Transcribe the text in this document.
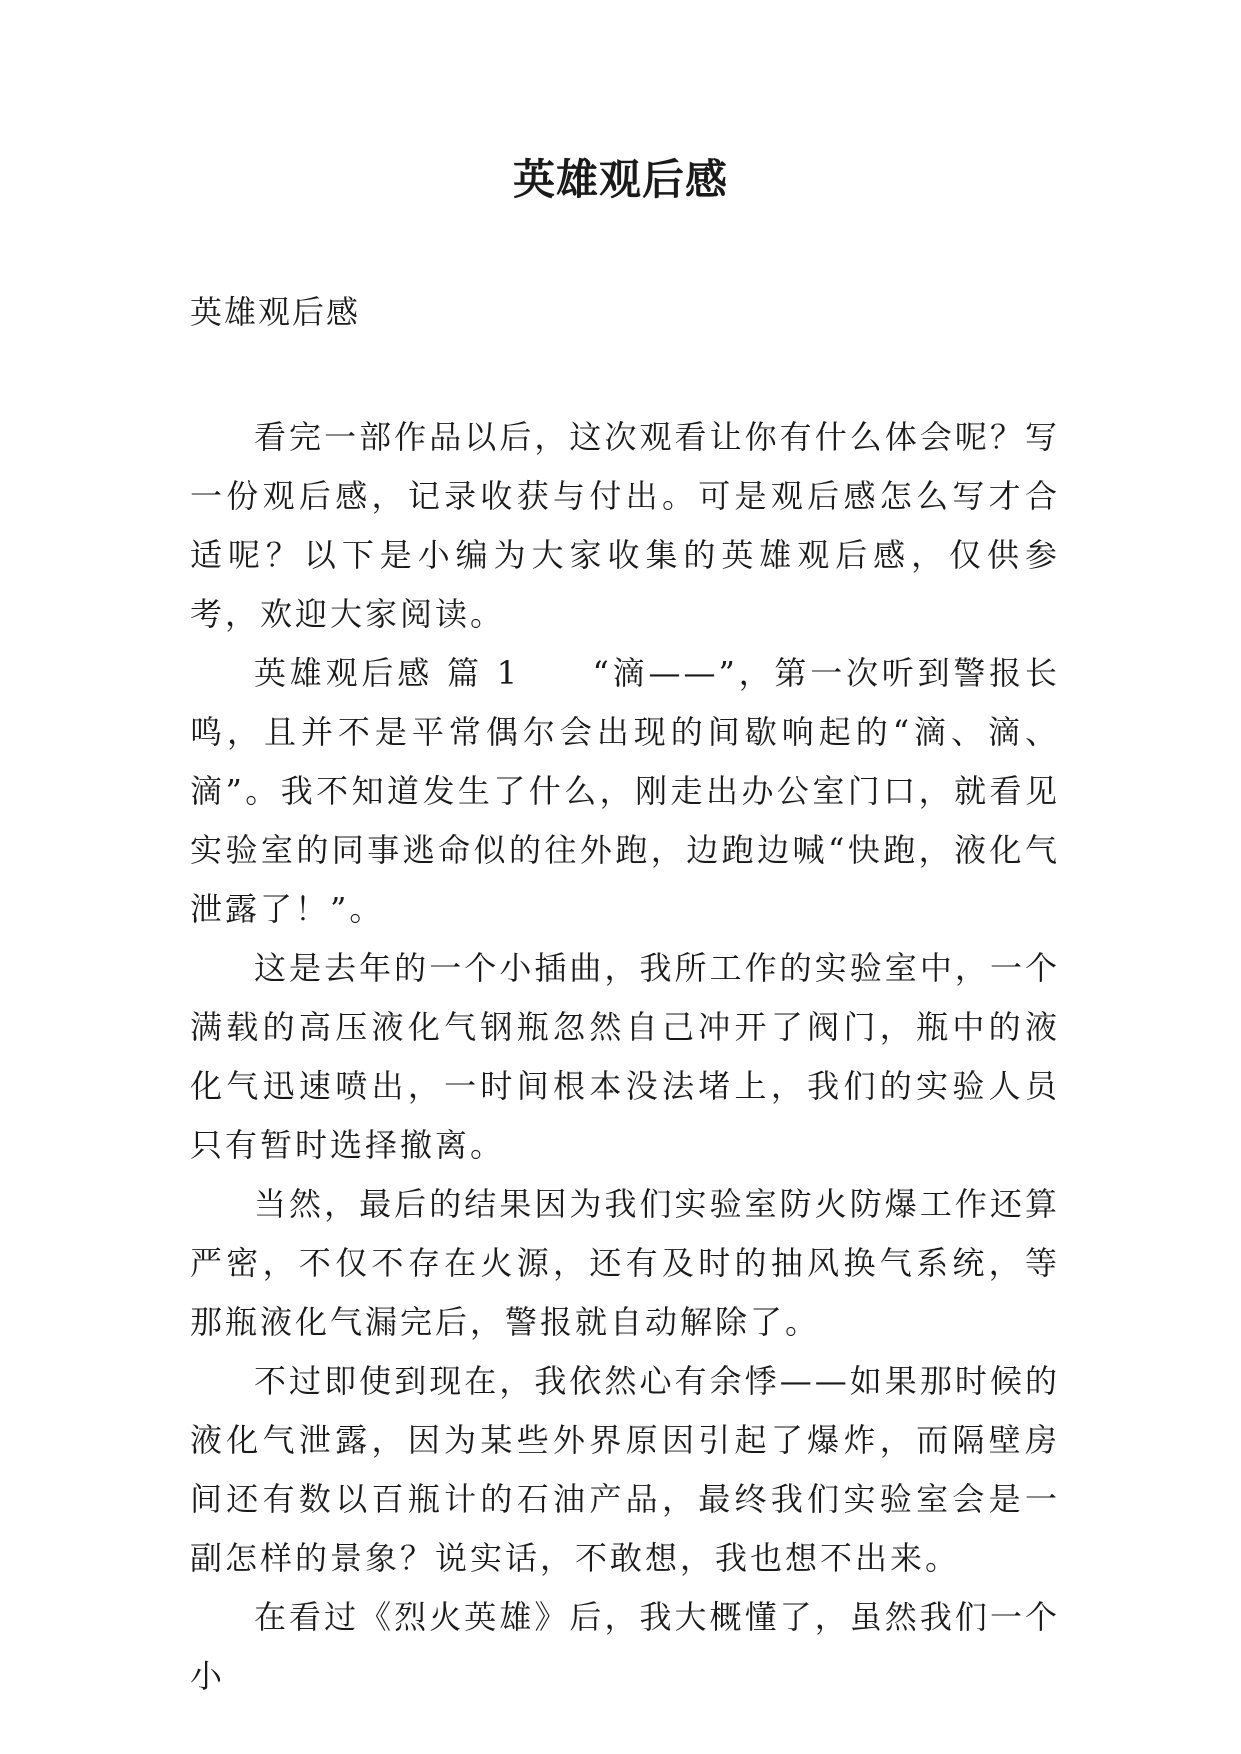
英雄观后感

英雄观后感

看完一部作品以后，这次观看让你有什么体会呢？写一份观后感，记录收获与付出。可是观后感怎么写才合适呢？以下是小编为大家收集的英雄观后感，仅供参考，欢迎大家阅读。

英雄观后感 篇 1　　“滴——”，第一次听到警报长鸣，且并不是平常偶尔会出现的间歇响起的“滴、滴、滴”。我不知道发生了什么，刚走出办公室门口，就看见实验室的同事逃命似的往外跑，边跑边喊“快跑，液化气泄露了！”。

这是去年的一个小插曲，我所工作的实验室中，一个满载的高压液化气钢瓶忽然自己冲开了阀门，瓶中的液化气迅速喷出，一时间根本没法堵上，我们的实验人员只有暂时选择撤离。

当然，最后的结果因为我们实验室防火防爆工作还算严密，不仅不存在火源，还有及时的抽风换气系统，等那瓶液化气漏完后，警报就自动解除了。

不过即使到现在，我依然心有余悸——如果那时候的液化气泄露，因为某些外界原因引起了爆炸，而隔壁房间还有数以百瓶计的石油产品，最终我们实验室会是一副怎样的景象？说实话，不敢想，我也想不出来。

在看过《烈火英雄》后，我大概懂了，虽然我们一个小
